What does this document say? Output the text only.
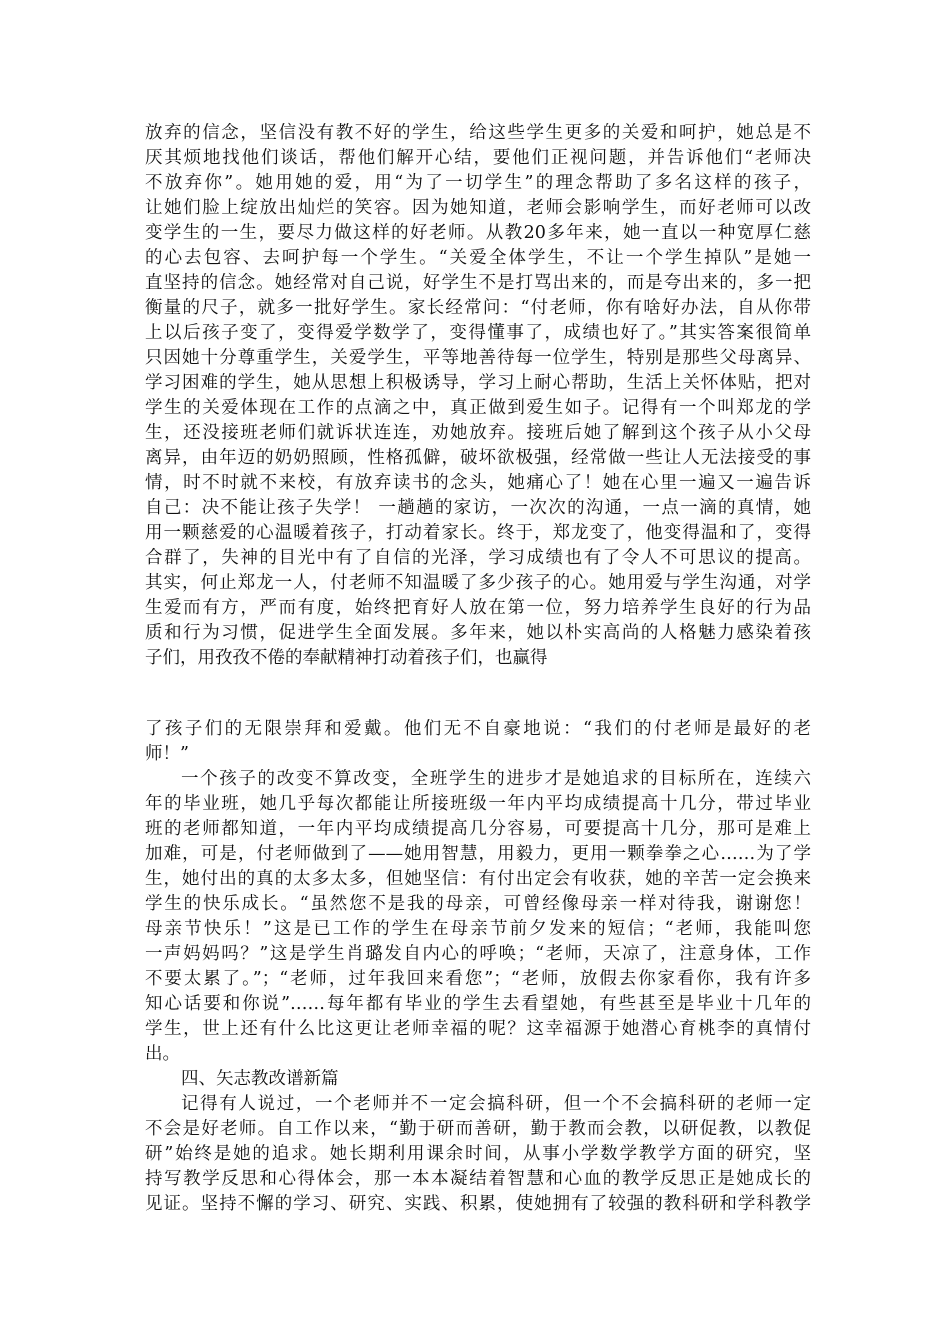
放弃的信念，坚信没有教不好的学生，给这些学生更多的关爱和呵护，她总是不
厌其烦地找他们谈话，帮他们解开心结，要他们正视问题，并告诉他们“老师决
不放弃你”。她用她的爱，用“为了一切学生”的理念帮助了多名这样的孩子，
让她们脸上绽放出灿烂的笑容。因为她知道，老师会影响学生，而好老师可以改
变学生的一生，要尽力做这样的好老师。从教20多年来，她一直以一种宽厚仁慈
的心去包容、去呵护每一个学生。“关爱全体学生，不让一个学生掉队”是她一
直坚持的信念。她经常对自己说，好学生不是打骂出来的，而是夸出来的，多一把
衡量的尺子，就多一批好学生。家长经常问：“付老师，你有啥好办法，自从你带
上以后孩子变了，变得爱学数学了，变得懂事了，成绩也好了。”其实答案很简单
只因她十分尊重学生，关爱学生，平等地善待每一位学生，特别是那些父母离异、
学习困难的学生，她从思想上积极诱导，学习上耐心帮助，生活上关怀体贴，把对
学生的关爱体现在工作的点滴之中，真正做到爱生如子。记得有一个叫郑龙的学
生，还没接班老师们就诉状连连，劝她放弃。接班后她了解到这个孩子从小父母
离异，由年迈的奶奶照顾，性格孤僻，破坏欲极强，经常做一些让人无法接受的事
情，时不时就不来校，有放弃读书的念头，她痛心了！她在心里一遍又一遍告诉
自己：决不能让孩子失学！ 一趟趟的家访，一次次的沟通，一点一滴的真情，她
用一颗慈爱的心温暖着孩子，打动着家长。终于，郑龙变了，他变得温和了，变得
合群了，失神的目光中有了自信的光泽，学习成绩也有了令人不可思议的提高。
其实，何止郑龙一人，付老师不知温暖了多少孩子的心。她用爱与学生沟通，对学
生爱而有方，严而有度，始终把育好人放在第一位，努力培养学生良好的行为品
质和行为习惯，促进学生全面发展。多年来，她以朴实高尚的人格魅力感染着孩
子们，用孜孜不倦的奉献精神打动着孩子们，也赢得
了孩子们的无限崇拜和爱戴。他们无不自豪地说：“我们的付老师是最好的老
师！”
一个孩子的改变不算改变，全班学生的进步才是她追求的目标所在，连续六
年的毕业班，她几乎每次都能让所接班级一年内平均成绩提高十几分，带过毕业
班的老师都知道，一年内平均成绩提高几分容易，可要提高十几分，那可是难上
加难，可是，付老师做到了——她用智慧，用毅力，更用一颗拳拳之心……为了学
生，她付出的真的太多太多，但她坚信：有付出定会有收获，她的辛苦一定会换来
学生的快乐成长。“虽然您不是我的母亲，可曾经像母亲一样对待我，谢谢您！
母亲节快乐！”这是已工作的学生在母亲节前夕发来的短信；“老师，我能叫您
一声妈妈吗？”这是学生肖璐发自内心的呼唤；“老师，天凉了，注意身体，工作
不要太累了。”；“老师，过年我回来看您”；“老师，放假去你家看你，我有许多
知心话要和你说”……每年都有毕业的学生去看望她，有些甚至是毕业十几年的
学生，世上还有什么比这更让老师幸福的呢？这幸福源于她潜心育桃李的真情付
出。
四、矢志教改谱新篇
记得有人说过，一个老师并不一定会搞科研，但一个不会搞科研的老师一定
不会是好老师。自工作以来，“勤于研而善研，勤于教而会教，以研促教，以教促
研”始终是她的追求。她长期利用课余时间，从事小学数学教学方面的研究，坚
持写教学反思和心得体会，那一本本凝结着智慧和心血的教学反思正是她成长的
见证。坚持不懈的学习、研究、实践、积累，使她拥有了较强的教科研和学科教学
